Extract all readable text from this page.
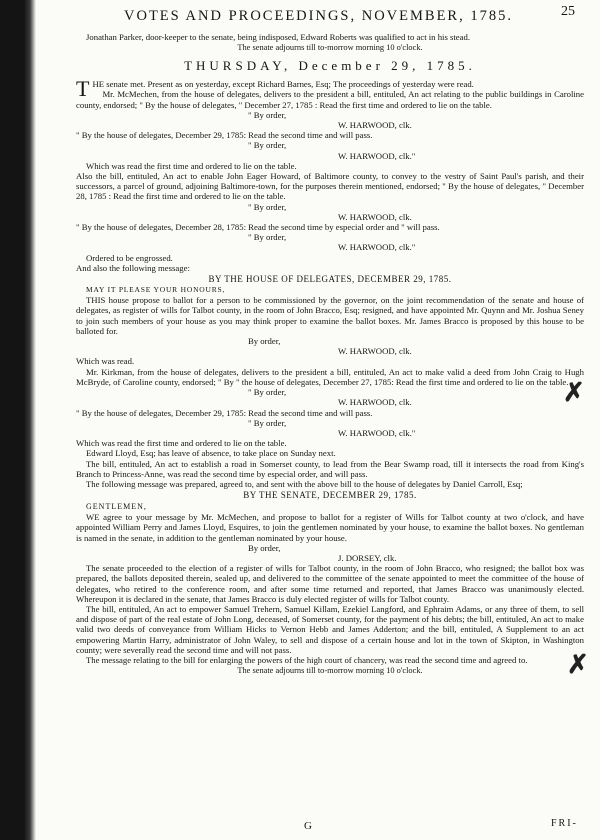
VOTES AND PROCEEDINGS, NOVEMBER, 1785.	25

Jonathan Parker, door-keeper to the senate, being indisposed, Edward Roberts was qualified to act in his stead.

The senate adjourns till to-morrow morning 10 o'clock.

THURSDAY, December 29, 1785.

THE senate met. Present as on yesterday, except Richard Barnes, Esq; The proceedings of yesterday were read.

Mr. McMechen, from the house of delegates, delivers to the president a bill, entituled, An act relating to the public buildings in Caroline county, endorsed; " By the house of delegates, " December 27, 1785 : Read the first time and ordered to lie on the table.

" By order,

W. HARWOOD, clk.

" By the house of delegates, December 29, 1785: Read the second time and will pass.

" By order,

W. HARWOOD, clk."

Which was read the first time and ordered to lie on the table.

Also the bill, entituled, An act to enable John Eager Howard, of Baltimore county, to convey to the vestry of Saint Paul's parish, and their successors, a parcel of ground, adjoining Baltimore-town, for the purposes therein mentioned, endorsed; " By the house of delegates, " December 28, 1785 : Read the first time and ordered to lie on the table.

" By order,

W. HARWOOD, clk.

" By the house of delegates, December 28, 1785: Read the second time by especial order and " will pass.

" By order,

W. HARWOOD, clk."

Ordered to be engrossed.

And also the following message:

BY THE HOUSE OF DELEGATES, DECEMBER 29, 1785.

MAY IT PLEASE YOUR HONOURS,

THIS house propose to ballot for a person to be commissioned by the governor, on the joint recommendation of the senate and house of delegates, as register of wills for Talbot county, in the room of John Bracco, Esq; resigned, and have appointed Mr. Quynn and Mr. Joshua Seney to join such members of your house as you may think proper to examine the ballot boxes. Mr. James Bracco is proposed by this house to be balloted for.

By order,

W. HARWOOD, clk.

Which was read.

Mr. Kirkman, from the house of delegates, delivers to the president a bill, entituled, An act to make valid a deed from John Craig to Hugh McBryde, of Caroline county, endorsed; " By " the house of delegates, December 27, 1785: Read the first time and ordered to lie on the table.

" By order,

W. HARWOOD, clk.

" By the house of delegates, December 29, 1785: Read the second time and will pass.

" By order,

W. HARWOOD, clk."

Which was read the first time and ordered to lie on the table.

Edward Lloyd, Esq; has leave of absence, to take place on Sunday next.

The bill, entituled, An act to establish a road in Somerset county, to lead from the Bear Swamp road, till it intersects the road from King's Branch to Princess-Anne, was read the second time by especial order, and will pass.

The following message was prepared, agreed to, and sent with the above bill to the house of delegates by Daniel Carroll, Esq;

BY THE SENATE, DECEMBER 29, 1785.

GENTLEMEN,

WE agree to your message by Mr. McMechen, and propose to ballot for a register of Wills for Talbot county at two o'clock, and have appointed William Perry and James Lloyd, Esquires, to join the gentlemen nominated by your house, to examine the ballot boxes. No gentleman is named in the senate, in addition to the gentleman nominated by your house.

By order,

J. DORSEY, clk.

The senate proceeded to the election of a register of wills for Talbot county, in the room of John Bracco, who resigned; the ballot box was prepared, the ballots deposited therein, sealed up, and delivered to the committee of the senate appointed to meet the committee of the house of delegates, who retired to the conference room, and after some time returned and reported, that James Bracco was unanimously elected. Whereupon it is declared in the senate, that James Bracco is duly elected register of wills for Talbot county.

The bill, entituled, An act to empower Samuel Trehern, Samuel Killam, Ezekiel Langford, and Ephraim Adams, or any three of them, to sell and dispose of part of the real estate of John Long, deceased, of Somerset county, for the payment of his debts; the bill, entituled, An act to make valid two deeds of conveyance from William Hicks to Vernon Hebb and James Adderton; and the bill, entituled, A Supplement to an act empowering Martin Harry, administrator of John Waley, to sell and dispose of a certain house and lot in the town of Skipton, in Washington county; were severally read the second time and will not pass.

The message relating to the bill for enlarging the powers of the high court of chancery, was read the second time and agreed to.

The senate adjourns till to-morrow morning 10 o'clock.

G	FRI-
✗
✗
